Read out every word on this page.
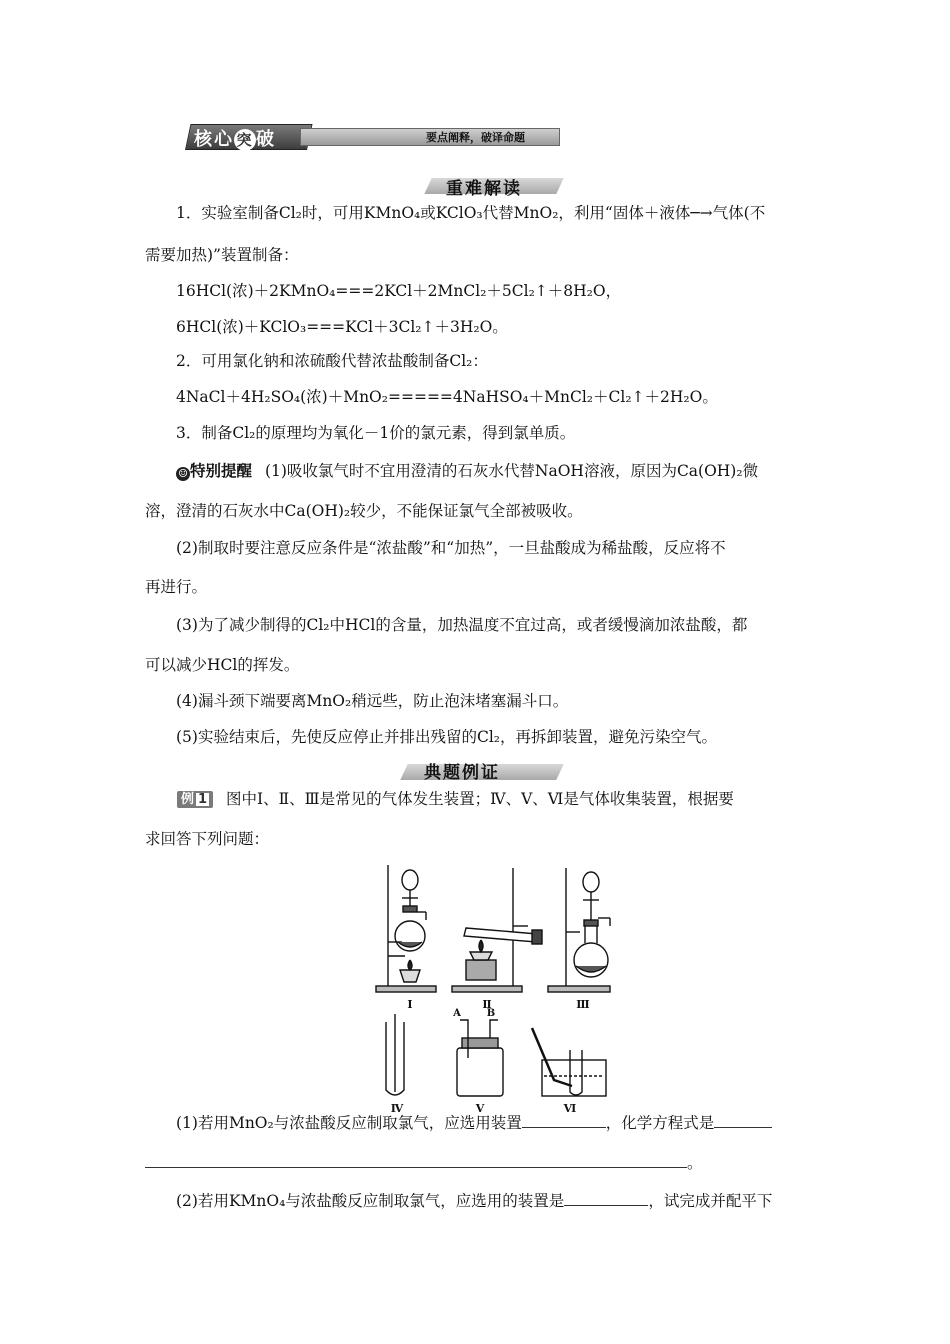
核心 突 破	要点阐释，破译命题
重难解读
1．实验室制备Cl₂时，可用KMnO₄或KClO₃代替MnO₂，利用“固体＋液体─→气体(不
需要加热)”装置制备：
16HCl(浓)＋2KMnO₄===2KCl＋2MnCl₂＋5Cl₂↑＋8H₂O，
6HCl(浓)＋KClO₃===KCl＋3Cl₂↑＋3H₂O。
2．可用氯化钠和浓硫酸代替浓盐酸制备Cl₂：
4NaCl＋4H₂SO₄(浓)＋MnO₂=====4NaHSO₄＋MnCl₂＋Cl₂↑＋2H₂O。
3．制备Cl₂的原理均为氧化－1价的氯元素，得到氯单质。
☺ 特别提醒 (1)吸收氯气时不宜用澄清的石灰水代替NaOH溶液，原因为Ca(OH)₂微
溶，澄清的石灰水中Ca(OH)₂较少，不能保证氯气全部被吸收。
(2)制取时要注意反应条件是“浓盐酸”和“加热”，一旦盐酸成为稀盐酸，反应将不
再进行。
(3)为了减少制得的Cl₂中HCl的含量，加热温度不宜过高，或者缓慢滴加浓盐酸，都
可以减少HCl的挥发。
(4)漏斗颈下端要离MnO₂稍远些，防止泡沫堵塞漏斗口。
(5)实验结束后，先使反应停止并排出残留的Cl₂，再拆卸装置，避免污染空气。
典题例证
例 1 图中Ⅰ、Ⅱ、Ⅲ是常见的气体发生装置；Ⅳ、Ⅴ、Ⅵ是气体收集装置，根据要
求回答下列问题：
Ⅰ	Ⅱ	Ⅲ
Ⅳ	Ⅴ	Ⅵ
A	B
(1)若用MnO₂与浓盐酸反应制取氯气，应选用装置	，化学方程式是
。
(2)若用KMnO₄与浓盐酸反应制取氯气，应选用的装置是	，试完成并配平下
